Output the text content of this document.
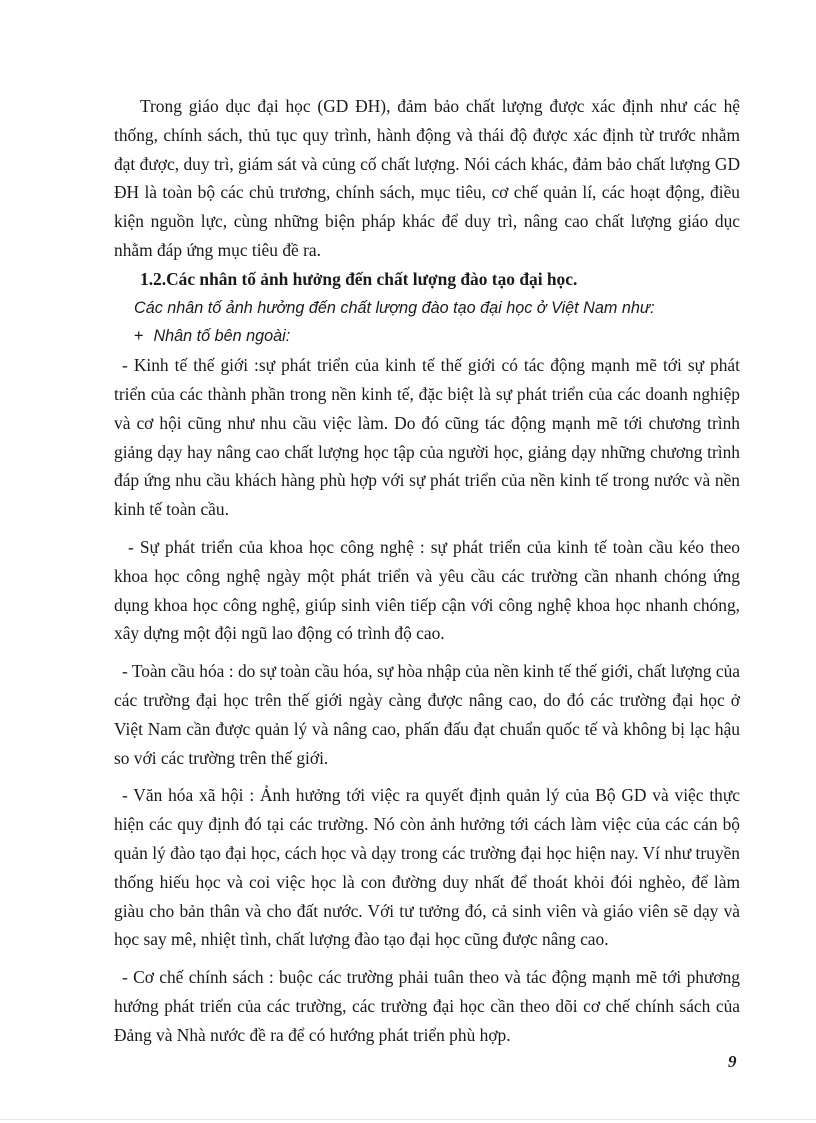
Trong giáo dục đại học (GD ĐH), đảm bảo chất lượng được xác định như các hệ thống, chính sách, thủ tục quy trình, hành động và thái độ được xác định từ trước nhằm đạt được, duy trì, giám sát và củng cố chất lượng. Nói cách khác, đảm bảo chất lượng GD ĐH là toàn bộ các chủ trương, chính sách, mục tiêu, cơ chế quản lí, các hoạt động, điều kiện nguồn lực, cùng những biện pháp khác để duy trì, nâng cao chất lượng giáo dục nhằm đáp ứng mục tiêu đề ra.

1.2.Các nhân tố ảnh hưởng đến chất lượng đào tạo đại học.

Các nhân tố ảnh hưởng đến chất lượng đào tạo đại học ở Việt Nam như:

+ Nhân tố bên ngoài:

- Kinh tế thế giới :sự phát triển của kinh tế thế giới có tác động mạnh mẽ tới sự phát triển của các thành phần trong nền kinh tế, đặc biệt là sự phát triển của các doanh nghiệp và cơ hội cũng như nhu cầu việc làm. Do đó cũng tác động mạnh mẽ tới chương trình giảng dạy hay nâng cao chất lượng học tập của người học, giảng dạy những chương trình đáp ứng nhu cầu khách hàng phù hợp với sự phát triển của nền kinh tế trong nước và nền kinh tế toàn cầu.

- Sự phát triển của khoa học công nghệ : sự phát triển của kinh tế toàn cầu kéo theo khoa học công nghệ ngày một phát triển và yêu cầu các trường cần nhanh chóng ứng dụng khoa học công nghệ, giúp sinh viên tiếp cận với công nghệ khoa học nhanh chóng, xây dựng một đội ngũ lao động có trình độ cao.

- Toàn cầu hóa : do sự toàn cầu hóa, sự hòa nhập của nền kinh tế thế giới, chất lượng của các trường đại học trên thế giới ngày càng được nâng cao, do đó các trường đại học ở Việt Nam cần được quản lý và nâng cao, phấn đấu đạt chuẩn quốc tế và không bị lạc hậu so với các trường trên thế giới.

- Văn hóa xã hội : Ảnh hưởng tới việc ra quyết định quản lý của Bộ GD và việc thực hiện các quy định đó tại các trường. Nó còn ảnh hưởng tới cách làm việc của các cán bộ quản lý đào tạo đại học, cách học và dạy trong các trường đại học hiện nay. Ví như truyền thống hiếu học và coi việc học là con đường duy nhất để thoát khỏi đói nghèo, để làm giàu cho bản thân và cho đất nước. Với tư tưởng đó, cả sinh viên và giáo viên sẽ dạy và học say mê, nhiệt tình, chất lượng đào tạo đại học cũng được nâng cao.

- Cơ chế chính sách : buộc các trường phải tuân theo và tác động mạnh mẽ tới phương hướng phát triển của các trường, các trường đại học cần theo dõi cơ chế chính sách của Đảng và Nhà nước đề ra để có hướng phát triển phù hợp.

9
